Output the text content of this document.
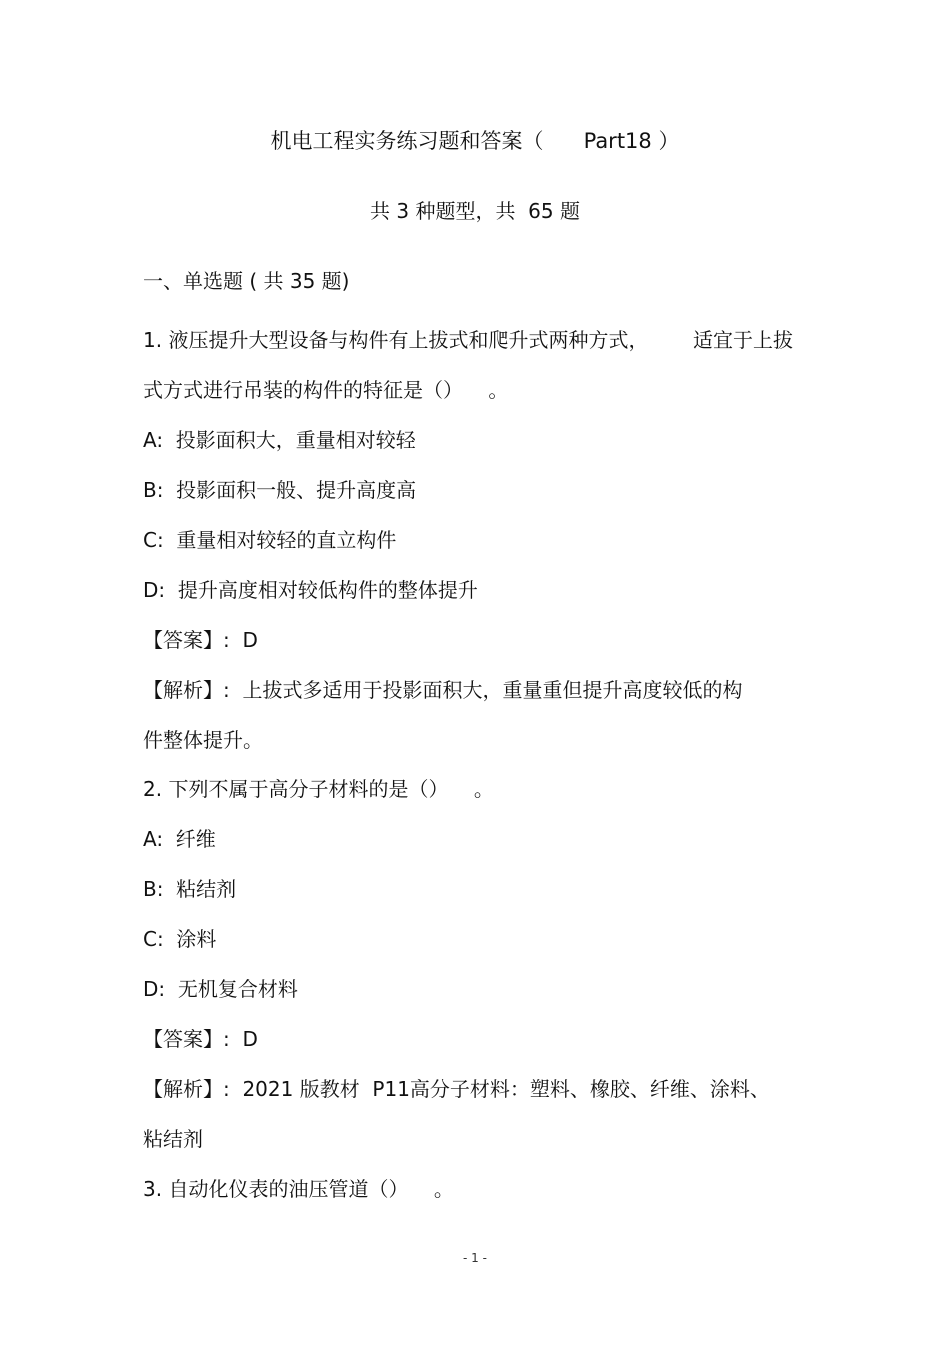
机电工程实务练习题和答案（      Part18 ）
共 3 种题型，共  65 题
一、单选题 ( 共 35 题)
1. 液压提升大型设备与构件有上拔式和爬升式两种方式，       适宜于上拔
式方式进行吊装的构件的特征是（）    。
A:  投影面积大，重量相对较轻
B:  投影面积一般、提升高度高
C:  重量相对较轻的直立构件
D:  提升高度相对较低构件的整体提升
【答案】:  D
【解析】:  上拔式多适用于投影面积大，重量重但提升高度较低的构
件整体提升。
2. 下列不属于高分子材料的是（）    。
A:  纤维
B:  粘结剂
C:  涂料
D:  无机复合材料
【答案】:  D
【解析】:  2021 版教材  P11高分子材料：塑料、橡胶、纤维、涂料、
粘结剂
3. 自动化仪表的油压管道（）    。
- 1 -
